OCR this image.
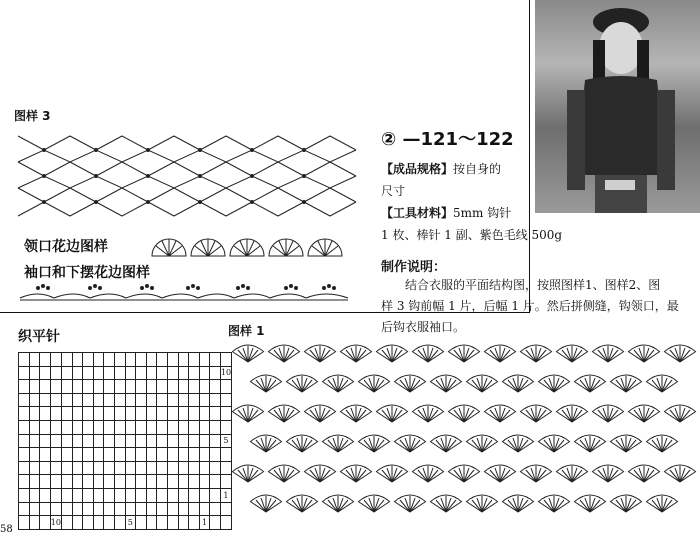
图样 3
领口花边图样
袖口和下摆花边图样
织平针

																			10

																			5

																			1

			10							5							1		
② —121～122
【成品规格】按自身的
尺寸
【工具材料】5mm 钩针
1 枚、棒针 1 副、紫色毛线 500g
制作说明：
结合衣服的平面结构图，按照图样1、图样2、图
样 3 钩前幅 1 片，后幅 1 片。然后拼侧缝，钩领口，最
后钩衣服袖口。
图样 1
58
